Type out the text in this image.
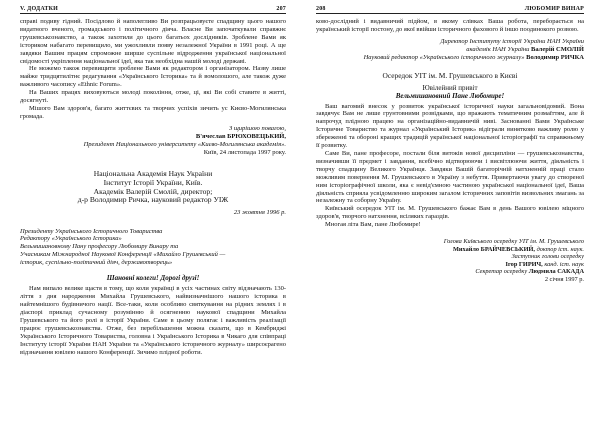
V. ДОДАТКИ	207

справі подиву гідний. Посідлово й наполегливо Ви розпрацьовуєте спадщину цього нашого видатного вченого, громадського і політичного діяча. Власне Ви започаткували справжнє грушевськознавство, а також захотили до цього багатьох дослідників. Зроблене Вами як істориком набагато перевищило, ми ужохливли появу незалежної України в 1991 році. А ще завдяки Вашим працям спроможне ширше суспільне відродження української національної свідомості укріплення національної ідеї, яка так необхідна нашій молоді державі.

Не можемо також перевищити зроблене Вами як редактором і організатором. Назву лише майже тридцятилітнє редагування «Українського Історика» та й вомолошого, але також дуже важливого часопису «Ethnic Forum».

На Ваших працях виховуються молоді покоління, отже, ці, які Ви собі ставите в житті, досягнуті.

Мішого Вам здоров'я, багато життєвих та творчих успіхів зичить ус Києво-Могилянська громада.

З щирішою повагою,
В'ячеслав БРЮХОВЕЦЬКИЙ,
Президент Національного університету «Києво-Могилянська академія».
Київ, 24 листопада 1997 року.
Національна Академія Наук України
Інститут Історії України, Київ.
Академік Валерій Смолій, директор;
д-р Володимир Ричка, науковий редактор УІЖ
23 жовтня 1996 р.
Президенту Українського Історичного Товариства
Редактору «Українського Історика»
Вельмишановному Пану професору Любомиру Винару та
Учасникам Міжнародної Наукової Конференції «Михайло Грушевський —
історик, суспільно-політичний діяч, державотворець»
Шановні колеги! Дорогі друзі!

Нам випало велике щастя в тому, що коли українці в усіх частинах світу відзначають 130-ліття з дня народження Михайла Грушевського, найвизначнішого нашого історика в найтемнішого будівничого нації. Все-таки, коли особливо святкування на рідних землях і в діаспорі приклад сучасному розумінню й осягненню наукової спадщини Михайла Грушевського та його ролі в історії України. Саме в цьому полягає і важливість реалізації працює грушевськознавства. Отже, без перебільшення можна сказати, що в Кембриджі Українського Історичного Товариства, головна і Українського Історика в Чикаго для співпраці Інституту історії України НАН України та «Українського історичного журналу» ширсоєрагено відзначання ювілею нашого Конференції. Зичимо плідної роботи.

208	ЛЮБОМИР ВИНАР

ково-дослідний і видавничий підйом, в якому слівках Ваша робота, переборається на український історії постону, до якої ввійши історичного фахового й іншо поодинокого розвою.

Директор Інституту історії України НАН України
академік НАН України Валерій СМОЛІЙ
Науковий редактор «Українського історичного журналу» Володимир РИЧКА
Осередок УІТ ім. М. Грушевського в Києві
Ювілейний привіт
Вельмишановний Пане Любомире!

Ваш вагомий внесок у розвиток української історичної науки загальновідомий. Вона завдячує Вам не лише грунтовними розвідками, що вражають тематичним розмаїттям, але й напрочуд плідною працею на організаційно-видавничій ниві. Заснованні Вами Українське Історичне Товариство та журнал «Український Історик» відіграли винятково важливу ролю у збереженні та обороні кращих традицій української національної історіографії та справжньому її розвитку.

Саме Ви, пане професоре, постали біля витоків нової дисципліни — грушевськознавства, визначивши її предмет і завдання, всебічно відтворюючи і висвітлюючи життя, діяльність і творчу спадщину Великого Українця. Завдяки Вашій багаторічній натхненній праці стало можливим повернення М. Грушевського в Україну з небуття. Привертаючи увагу до створеної ним історіографічної школи, яка є невід'ємною частиною української національної ідеї, Ваша діяльність сприяла усвідомленню широким загалом історичних заповітів визвольних змагань за незалежну та соборну Україну.

Київський осередок УІТ ім. М. Грушевського бажає Вам в день Вашого ювілею міцного здоров'я, творчого натхнення, всіляких гараздів.

Многая літа Вам, пане Любомире!

Голова Київського осередку УІТ ім. М. Грушевського
Михайло БРАЙЧЕВСЬКИЙ, доктор іст. наук.
Заступник голови осередку
Ігор ГИРИЧ, канд. іст. наук
Секретар осередку Людмила САКАДА
2 січня 1997 р.
